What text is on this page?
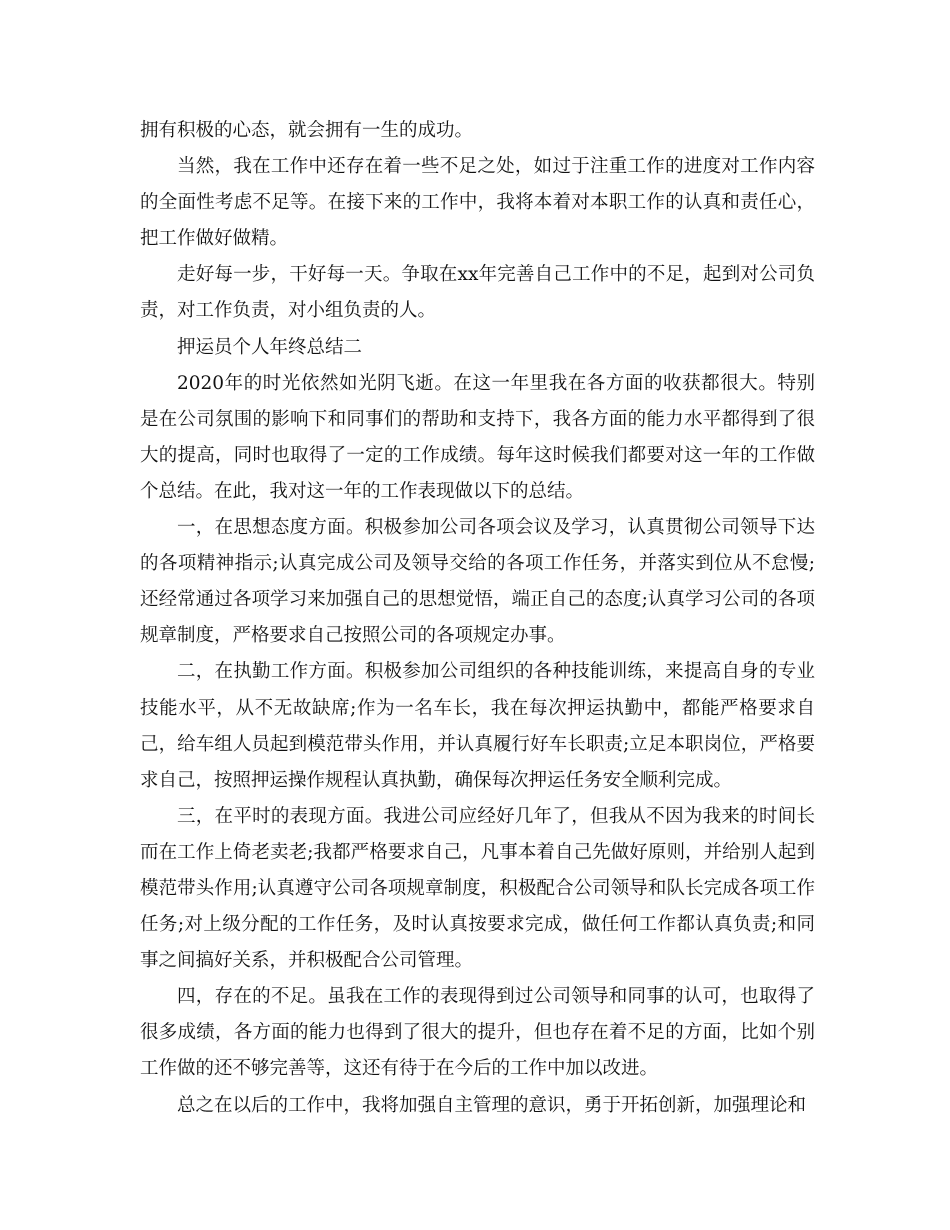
拥有积极的心态，就会拥有一生的成功。

当然，我在工作中还存在着一些不足之处，如过于注重工作的进度对工作内容的全面性考虑不足等。在接下来的工作中，我将本着对本职工作的认真和责任心，把工作做好做精。

走好每一步，干好每一天。争取在xx年完善自己工作中的不足，起到对公司负责，对工作负责，对小组负责的人。

押运员个人年终总结二

2020年的时光依然如光阴飞逝。在这一年里我在各方面的收获都很大。特别是在公司氛围的影响下和同事们的帮助和支持下，我各方面的能力水平都得到了很大的提高，同时也取得了一定的工作成绩。每年这时候我们都要对这一年的工作做个总结。在此，我对这一年的工作表现做以下的总结。

一，在思想态度方面。积极参加公司各项会议及学习，认真贯彻公司领导下达的各项精神指示;认真完成公司及领导交给的各项工作任务，并落实到位从不怠慢;还经常通过各项学习来加强自己的思想觉悟，端正自己的态度;认真学习公司的各项规章制度，严格要求自己按照公司的各项规定办事。

二，在执勤工作方面。积极参加公司组织的各种技能训练，来提高自身的专业技能水平，从不无故缺席;作为一名车长，我在每次押运执勤中，都能严格要求自己，给车组人员起到模范带头作用，并认真履行好车长职责;立足本职岗位，严格要求自己，按照押运操作规程认真执勤，确保每次押运任务安全顺利完成。

三，在平时的表现方面。我进公司应经好几年了，但我从不因为我来的时间长而在工作上倚老卖老;我都严格要求自己，凡事本着自己先做好原则，并给别人起到模范带头作用;认真遵守公司各项规章制度，积极配合公司领导和队长完成各项工作任务;对上级分配的工作任务，及时认真按要求完成，做任何工作都认真负责;和同事之间搞好关系，并积极配合公司管理。

四，存在的不足。虽我在工作的表现得到过公司领导和同事的认可，也取得了很多成绩，各方面的能力也得到了很大的提升，但也存在着不足的方面，比如个别工作做的还不够完善等，这还有待于在今后的工作中加以改进。

总之在以后的工作中，我将加强自主管理的意识，勇于开拓创新，加强理论和
